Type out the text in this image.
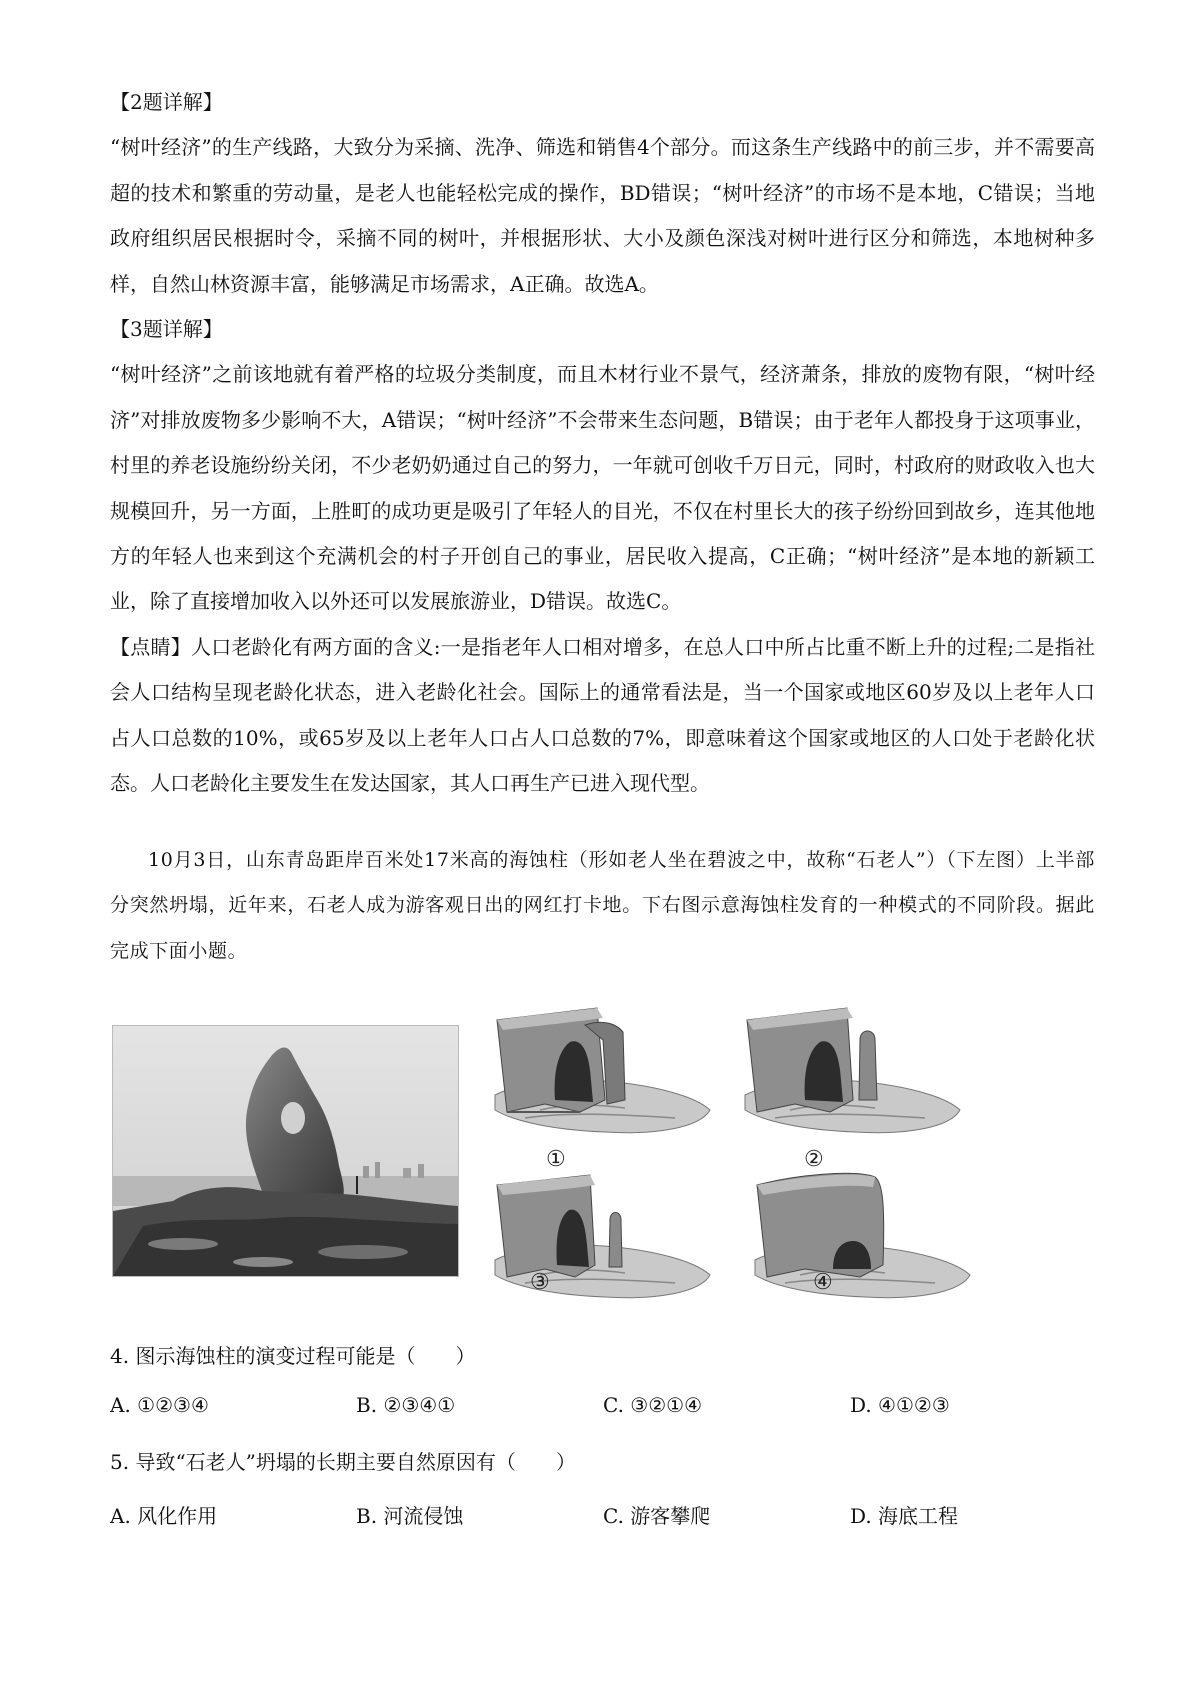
【2题详解】

“树叶经济”的生产线路，大致分为采摘、洗净、筛选和销售4个部分。而这条生产线路中的前三步，并不需要高超的技术和繁重的劳动量，是老人也能轻松完成的操作，BD错误；“树叶经济”的市场不是本地，C错误；当地政府组织居民根据时令，采摘不同的树叶，并根据形状、大小及颜色深浅对树叶进行区分和筛选，本地树种多样，自然山林资源丰富，能够满足市场需求，A正确。故选A。

【3题详解】

“树叶经济”之前该地就有着严格的垃圾分类制度，而且木材行业不景气，经济萧条，排放的废物有限，“树叶经济”对排放废物多少影响不大，A错误；“树叶经济”不会带来生态问题，B错误；由于老年人都投身于这项事业，村里的养老设施纷纷关闭，不少老奶奶通过自己的努力，一年就可创收千万日元，同时，村政府的财政收入也大规模回升，另一方面，上胜町的成功更是吸引了年轻人的目光，不仅在村里长大的孩子纷纷回到故乡，连其他地方的年轻人也来到这个充满机会的村子开创自己的事业，居民收入提高，C正确；“树叶经济”是本地的新颖工业，除了直接增加收入以外还可以发展旅游业，D错误。故选C。

【点睛】人口老龄化有两方面的含义:一是指老年人口相对增多，在总人口中所占比重不断上升的过程;二是指社会人口结构呈现老龄化状态，进入老龄化社会。国际上的通常看法是，当一个国家或地区60岁及以上老年人口占人口总数的10%，或65岁及以上老年人口占人口总数的7%，即意味着这个国家或地区的人口处于老龄化状态。人口老龄化主要发生在发达国家，其人口再生产已进入现代型。

10月3日，山东青岛距岸百米处17米高的海蚀柱（形如老人坐在碧波之中，故称“石老人”）（下左图）上半部分突然坍塌，近年来，石老人成为游客观日出的网红打卡地。下右图示意海蚀柱发育的一种模式的不同阶段。据此完成下面小题。

①	②
③	④

4. 图示海蚀柱的演变过程可能是（　　）

A. ①②③④	B. ②③④①	C. ③②①④	D. ④①②③

5. 导致“石老人”坍塌的长期主要自然原因有（　　）

A. 风化作用	B. 河流侵蚀	C. 游客攀爬	D. 海底工程
